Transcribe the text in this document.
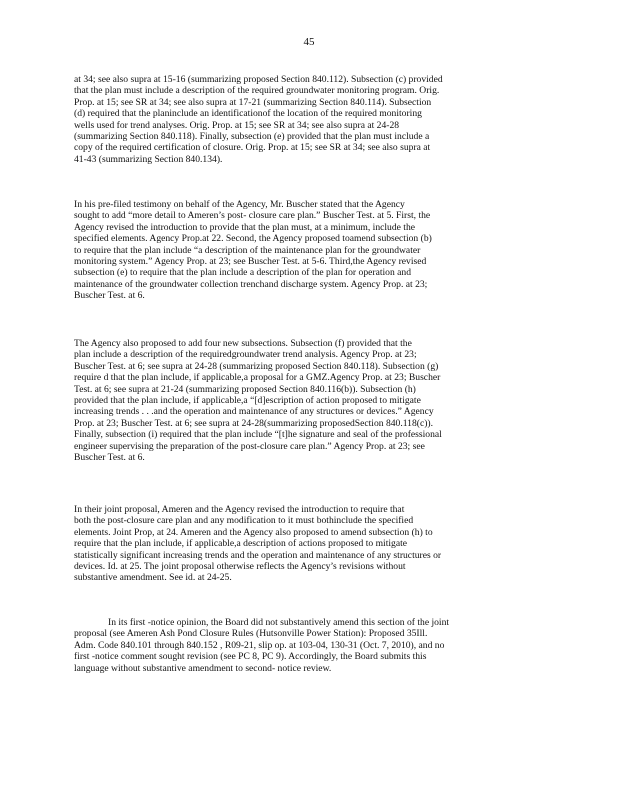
45
at 34; see also supra at 15-16 (summarizing proposed Section 840.112). Subsection (c) provided
that the plan must include a description of the required groundwater monitoring program. Orig.
Prop. at 15; see SR at 34; see also supra at 17-21 (summarizing Section 840.114). Subsection
(d) required that the planinclude an identificationof the location of the required monitoring
wells used for trend analyses. Orig. Prop. at 15; see SR at 34; see also supra at 24-28
(summarizing Section 840.118). Finally, subsection (e) provided that the plan must include a
copy of the required certification of closure. Orig. Prop. at 15; see SR at 34; see also supra at
41-43 (summarizing Section 840.134).
In his pre-filed testimony on behalf of the Agency, Mr. Buscher stated that the Agency
sought to add “more detail to Ameren’s post- closure care plan.” Buscher Test. at 5. First, the
Agency revised the introduction to provide that the plan must, at a minimum, include the
specified elements. Agency Prop.at 22. Second, the Agency proposed toamend subsection (b)
to require that the plan include “a description of the maintenance plan for the groundwater
monitoring system.” Agency Prop. at 23; see Buscher Test. at 5-6. Third,the Agency revised
subsection (e) to require that the plan include a description of the plan for operation and
maintenance of the groundwater collection trenchand discharge system. Agency Prop. at 23;
Buscher Test. at 6.
The Agency also proposed to add four new subsections. Subsection (f) provided that the
plan include a description of the requiredgroundwater trend analysis. Agency Prop. at 23;
Buscher Test. at 6; see supra at 24-28 (summarizing proposed Section 840.118). Subsection (g)
require d that the plan include, if applicable,a proposal for a GMZ.Agency Prop. at 23; Buscher
Test. at 6; see supra at 21-24 (summarizing proposed Section 840.116(b)). Subsection (h)
provided that the plan include, if applicable,a “[d]escription of action proposed to mitigate
increasing trends . . .and the operation and maintenance of any structures or devices.” Agency
Prop. at 23; Buscher Test. at 6; see supra at 24-28(summarizing proposedSection 840.118(c)).
Finally, subsection (i) required that the plan include “[t]he signature and seal of the professional
engineer supervising the preparation of the post-closure care plan.” Agency Prop. at 23; see
Buscher Test. at 6.
In their joint proposal, Ameren and the Agency revised the introduction to require that
both the post-closure care plan and any modification to it must bothinclude the specified
elements. Joint Prop, at 24. Ameren and the Agency also proposed to amend subsection (h) to
require that the plan include, if applicable,a description of actions proposed to mitigate
statistically significant increasing trends and the operation and maintenance of any structures or
devices. Id. at 25. The joint proposal otherwise reflects the Agency’s revisions without
substantive amendment. See id. at 24-25.
In its first -notice opinion, the Board did not substantively amend this section of the joint
proposal (see Ameren Ash Pond Closure Rules (Hutsonville Power Station): Proposed 35Ill.
Adm. Code 840.101 through 840.152 , R09-21, slip op. at 103-04, 130-31 (Oct. 7, 2010), and no
first -notice comment sought revision (see PC 8, PC 9). Accordingly, the Board submits this
language without substantive amendment to second- notice review.
